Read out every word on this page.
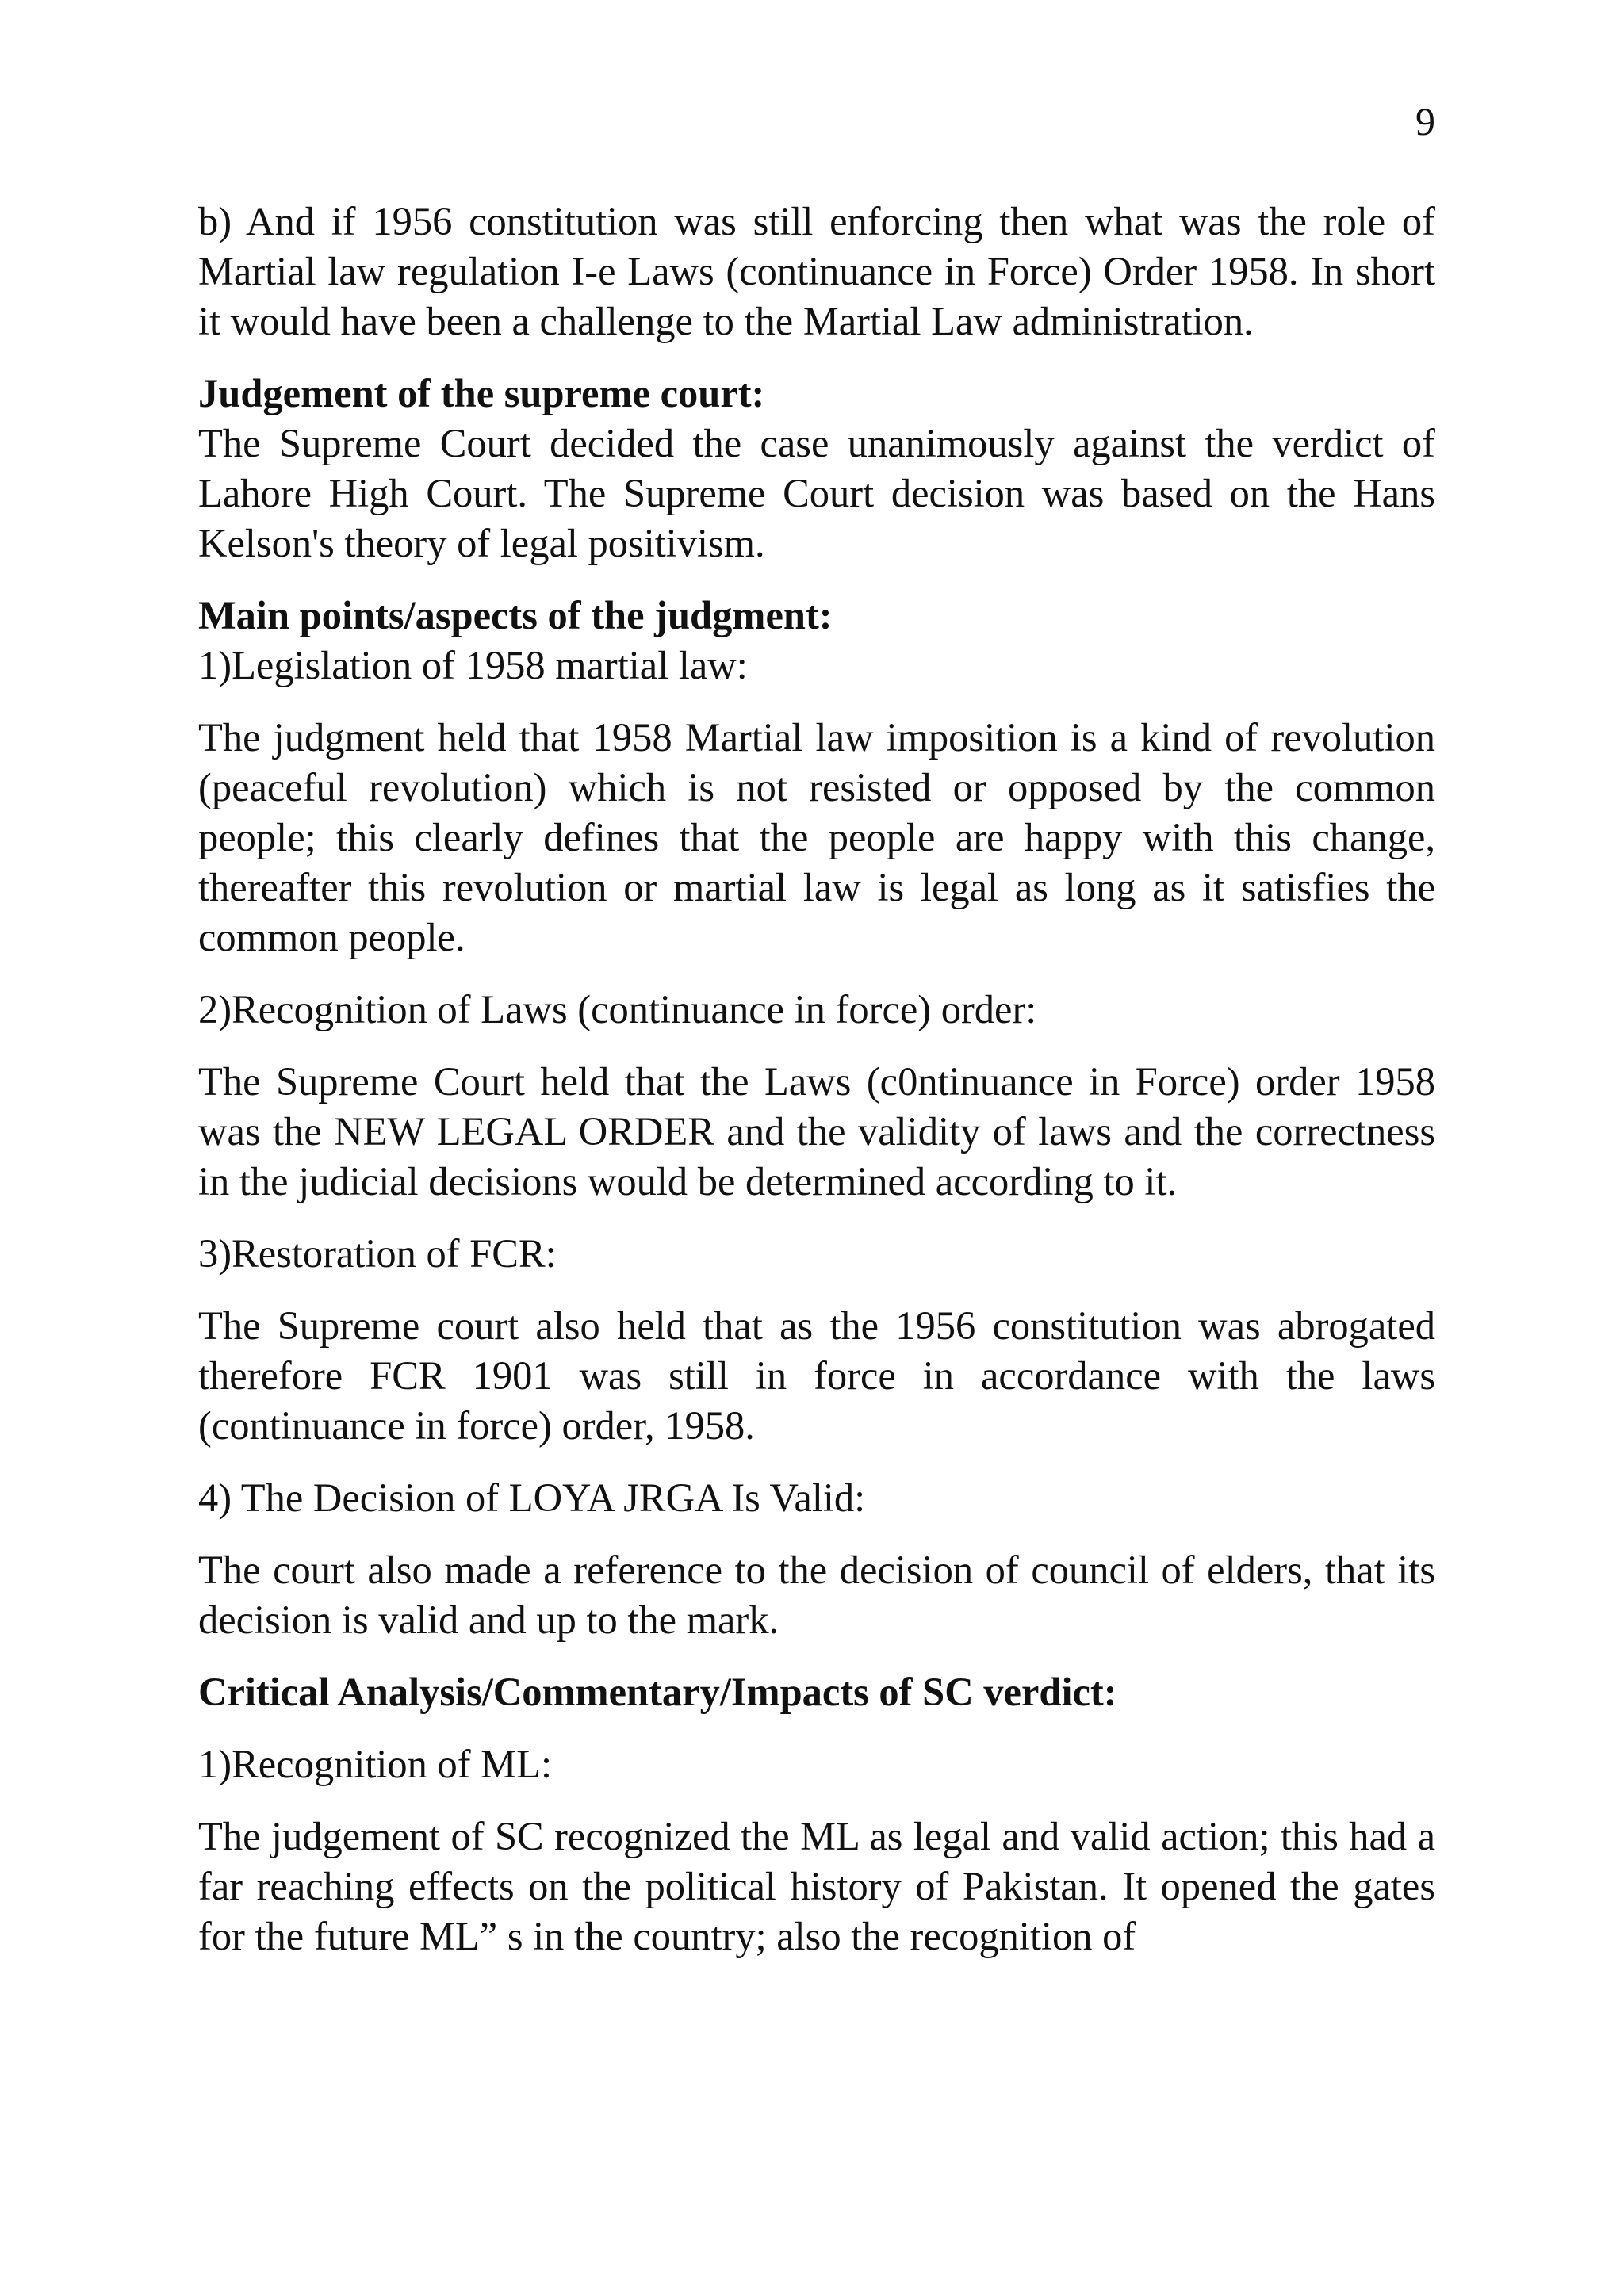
9

b) And if 1956 constitution was still enforcing then what was the role of Martial law regulation I-e Laws (continuance in Force) Order 1958. In short it would have been a challenge to the Martial Law administration.

Judgement of the supreme court:

The Supreme Court decided the case unanimously against the verdict of Lahore High Court. The Supreme Court decision was based on the Hans Kelson's theory of legal positivism.

Main points/aspects of the judgment:

1)Legislation of 1958 martial law:

The judgment held that 1958 Martial law imposition is a kind of revolution (peaceful revolution) which is not resisted or opposed by the common people; this clearly defines that the people are happy with this change, thereafter this revolution or martial law is legal as long as it satisfies the common people.

2)Recognition of Laws (continuance in force) order:

The Supreme Court held that the Laws (c0ntinuance in Force) order 1958 was the NEW LEGAL ORDER and the validity of laws and the correctness in the judicial decisions would be determined according to it.

3)Restoration of FCR:

The Supreme court also held that as the 1956 constitution was abrogated therefore FCR 1901 was still in force in accordance with the laws (continuance in force) order, 1958.

4) The Decision of LOYA JRGA Is Valid:

The court also made a reference to the decision of council of elders, that its decision is valid and up to the mark.

Critical Analysis/Commentary/Impacts of SC verdict:

1)Recognition of ML:

The judgement of SC recognized the ML as legal and valid action; this had a far reaching effects on the political history of Pakistan. It opened the gates for the future ML” s in the country; also the recognition of
